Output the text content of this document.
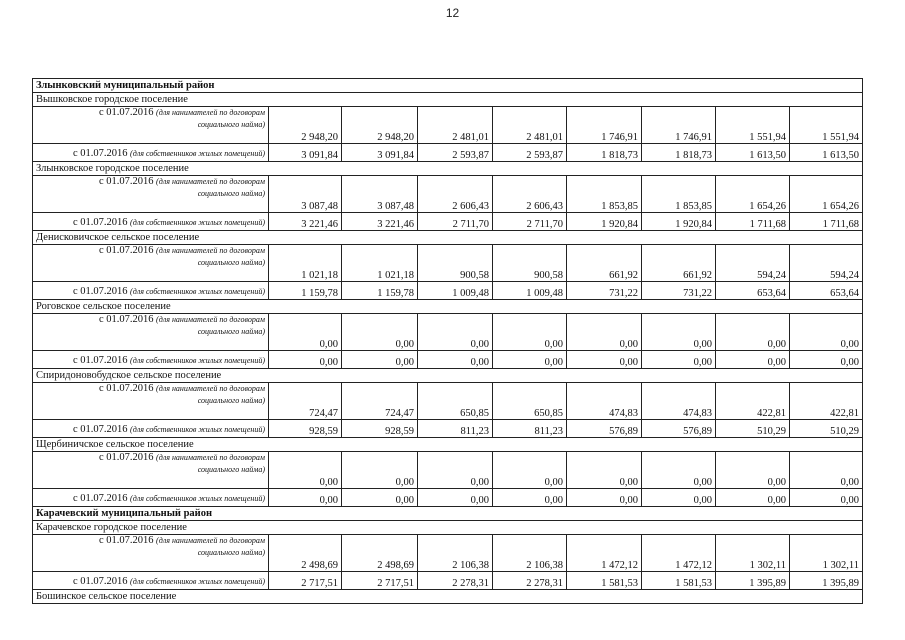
12
Злынковский муниципальный район								
Вышковское городское поселение								

с 01.07.2016 (для нанимателей по договорам
социального найма)	2 948,20	2 948,20	2 481,01	2 481,01	1 746,91	1 746,91	1 551,94	1 551,94

с 01.07.2016 (для собственников жилых помещений)	3 091,84	3 091,84	2 593,87	2 593,87	1 818,73	1 818,73	1 613,50	1 613,50
Злынковское городское поселение								

с 01.07.2016 (для нанимателей по договорам
социального найма)	3 087,48	3 087,48	2 606,43	2 606,43	1 853,85	1 853,85	1 654,26	1 654,26

с 01.07.2016 (для собственников жилых помещений)	3 221,46	3 221,46	2 711,70	2 711,70	1 920,84	1 920,84	1 711,68	1 711,68
Денисковичское сельское поселение								

с 01.07.2016 (для нанимателей по договорам
социального найма)	1 021,18	1 021,18	900,58	900,58	661,92	661,92	594,24	594,24

с 01.07.2016 (для собственников жилых помещений)	1 159,78	1 159,78	1 009,48	1 009,48	731,22	731,22	653,64	653,64
Роговское сельское поселение								

с 01.07.2016 (для нанимателей по договорам
социального найма)	0,00	0,00	0,00	0,00	0,00	0,00	0,00	0,00

с 01.07.2016 (для собственников жилых помещений)	0,00	0,00	0,00	0,00	0,00	0,00	0,00	0,00
Спиридоновобудское сельское поселение								

с 01.07.2016 (для нанимателей по договорам
социального найма)	724,47	724,47	650,85	650,85	474,83	474,83	422,81	422,81

с 01.07.2016 (для собственников жилых помещений)	928,59	928,59	811,23	811,23	576,89	576,89	510,29	510,29
Щербиничское сельское поселение								

с 01.07.2016 (для нанимателей по договорам
социального найма)	0,00	0,00	0,00	0,00	0,00	0,00	0,00	0,00

с 01.07.2016 (для собственников жилых помещений)	0,00	0,00	0,00	0,00	0,00	0,00	0,00	0,00
Карачевский муниципальный район								
Карачевское городское поселение								

с 01.07.2016 (для нанимателей по договорам
социального найма)	2 498,69	2 498,69	2 106,38	2 106,38	1 472,12	1 472,12	1 302,11	1 302,11

с 01.07.2016 (для собственников жилых помещений)	2 717,51	2 717,51	2 278,31	2 278,31	1 581,53	1 581,53	1 395,89	1 395,89
Бошинское сельское поселение								
